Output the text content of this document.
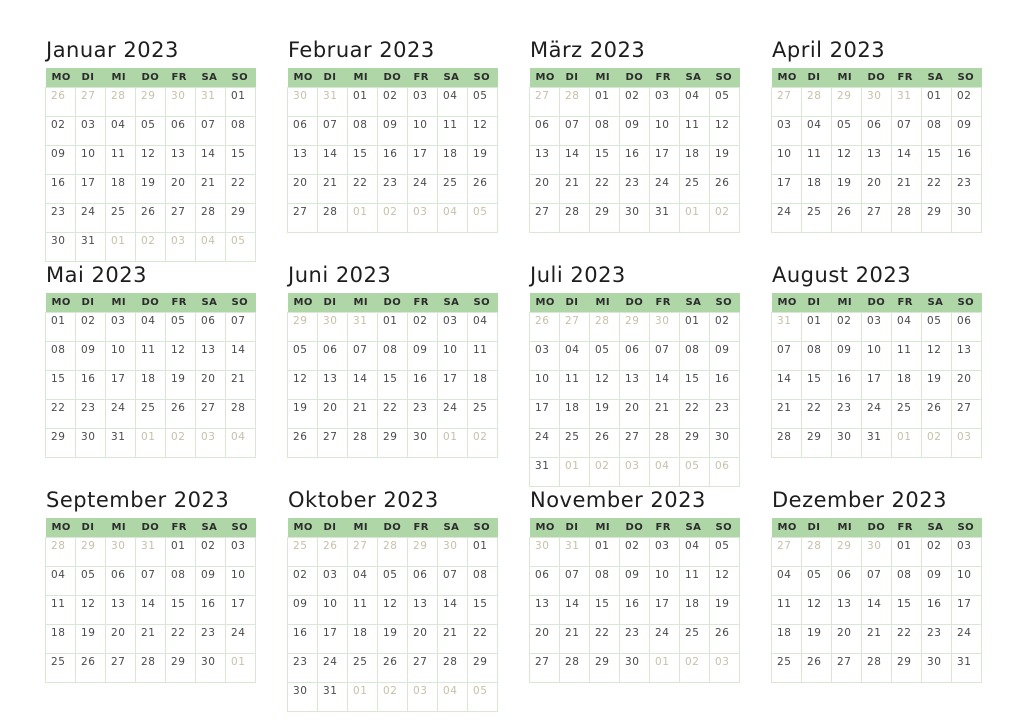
Januar 2023
MO	DI	MI	DO	FR	SA	SO
26	27	28	29	30	31	01
02	03	04	05	06	07	08
09	10	11	12	13	14	15
16	17	18	19	20	21	22
23	24	25	26	27	28	29
30	31	01	02	03	04	05
Februar 2023
MO	DI	MI	DO	FR	SA	SO
30	31	01	02	03	04	05
06	07	08	09	10	11	12
13	14	15	16	17	18	19
20	21	22	23	24	25	26
27	28	01	02	03	04	05
März 2023
MO	DI	MI	DO	FR	SA	SO
27	28	01	02	03	04	05
06	07	08	09	10	11	12
13	14	15	16	17	18	19
20	21	22	23	24	25	26
27	28	29	30	31	01	02
April 2023
MO	DI	MI	DO	FR	SA	SO
27	28	29	30	31	01	02
03	04	05	06	07	08	09
10	11	12	13	14	15	16
17	18	19	20	21	22	23
24	25	26	27	28	29	30
Mai 2023
MO	DI	MI	DO	FR	SA	SO
01	02	03	04	05	06	07
08	09	10	11	12	13	14
15	16	17	18	19	20	21
22	23	24	25	26	27	28
29	30	31	01	02	03	04
Juni 2023
MO	DI	MI	DO	FR	SA	SO
29	30	31	01	02	03	04
05	06	07	08	09	10	11
12	13	14	15	16	17	18
19	20	21	22	23	24	25
26	27	28	29	30	01	02
Juli 2023
MO	DI	MI	DO	FR	SA	SO
26	27	28	29	30	01	02
03	04	05	06	07	08	09
10	11	12	13	14	15	16
17	18	19	20	21	22	23
24	25	26	27	28	29	30
31	01	02	03	04	05	06
August 2023
MO	DI	MI	DO	FR	SA	SO
31	01	02	03	04	05	06
07	08	09	10	11	12	13
14	15	16	17	18	19	20
21	22	23	24	25	26	27
28	29	30	31	01	02	03
September 2023
MO	DI	MI	DO	FR	SA	SO
28	29	30	31	01	02	03
04	05	06	07	08	09	10
11	12	13	14	15	16	17
18	19	20	21	22	23	24
25	26	27	28	29	30	01
Oktober 2023
MO	DI	MI	DO	FR	SA	SO
25	26	27	28	29	30	01
02	03	04	05	06	07	08
09	10	11	12	13	14	15
16	17	18	19	20	21	22
23	24	25	26	27	28	29
30	31	01	02	03	04	05
November 2023
MO	DI	MI	DO	FR	SA	SO
30	31	01	02	03	04	05
06	07	08	09	10	11	12
13	14	15	16	17	18	19
20	21	22	23	24	25	26
27	28	29	30	01	02	03
Dezember 2023
MO	DI	MI	DO	FR	SA	SO
27	28	29	30	01	02	03
04	05	06	07	08	09	10
11	12	13	14	15	16	17
18	19	20	21	22	23	24
25	26	27	28	29	30	31
